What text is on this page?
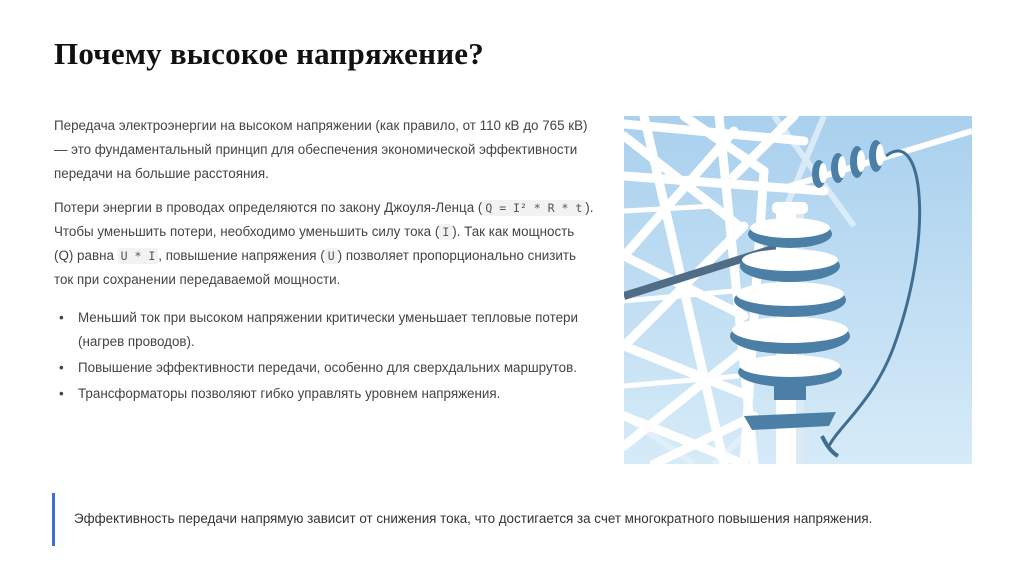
Почему высокое напряжение?

Передача электроэнергии на высоком напряжении (как правило, от 110 кВ до 765 кВ) — это фундаментальный принцип для обеспечения экономической эффективности передачи на большие расстояния.

Потери энергии в проводах определяются по закону Джоуля-Ленца ( Q = I² * R * t ). Чтобы уменьшить потери, необходимо уменьшить силу тока ( I ). Так как мощность (Q) равна U * I , повышение напряжения ( U ) позволяет пропорционально снизить ток при сохранении передаваемой мощности.

• Меньший ток при высоком напряжении критически уменьшает тепловые потери (нагрев проводов).
• Повышение эффективности передачи, особенно для сверхдальних маршрутов.
• Трансформаторы позволяют гибко управлять уровнем напряжения.
Эффективность передачи напрямую зависит от снижения тока, что достигается за счет многократного повышения напряжения.
